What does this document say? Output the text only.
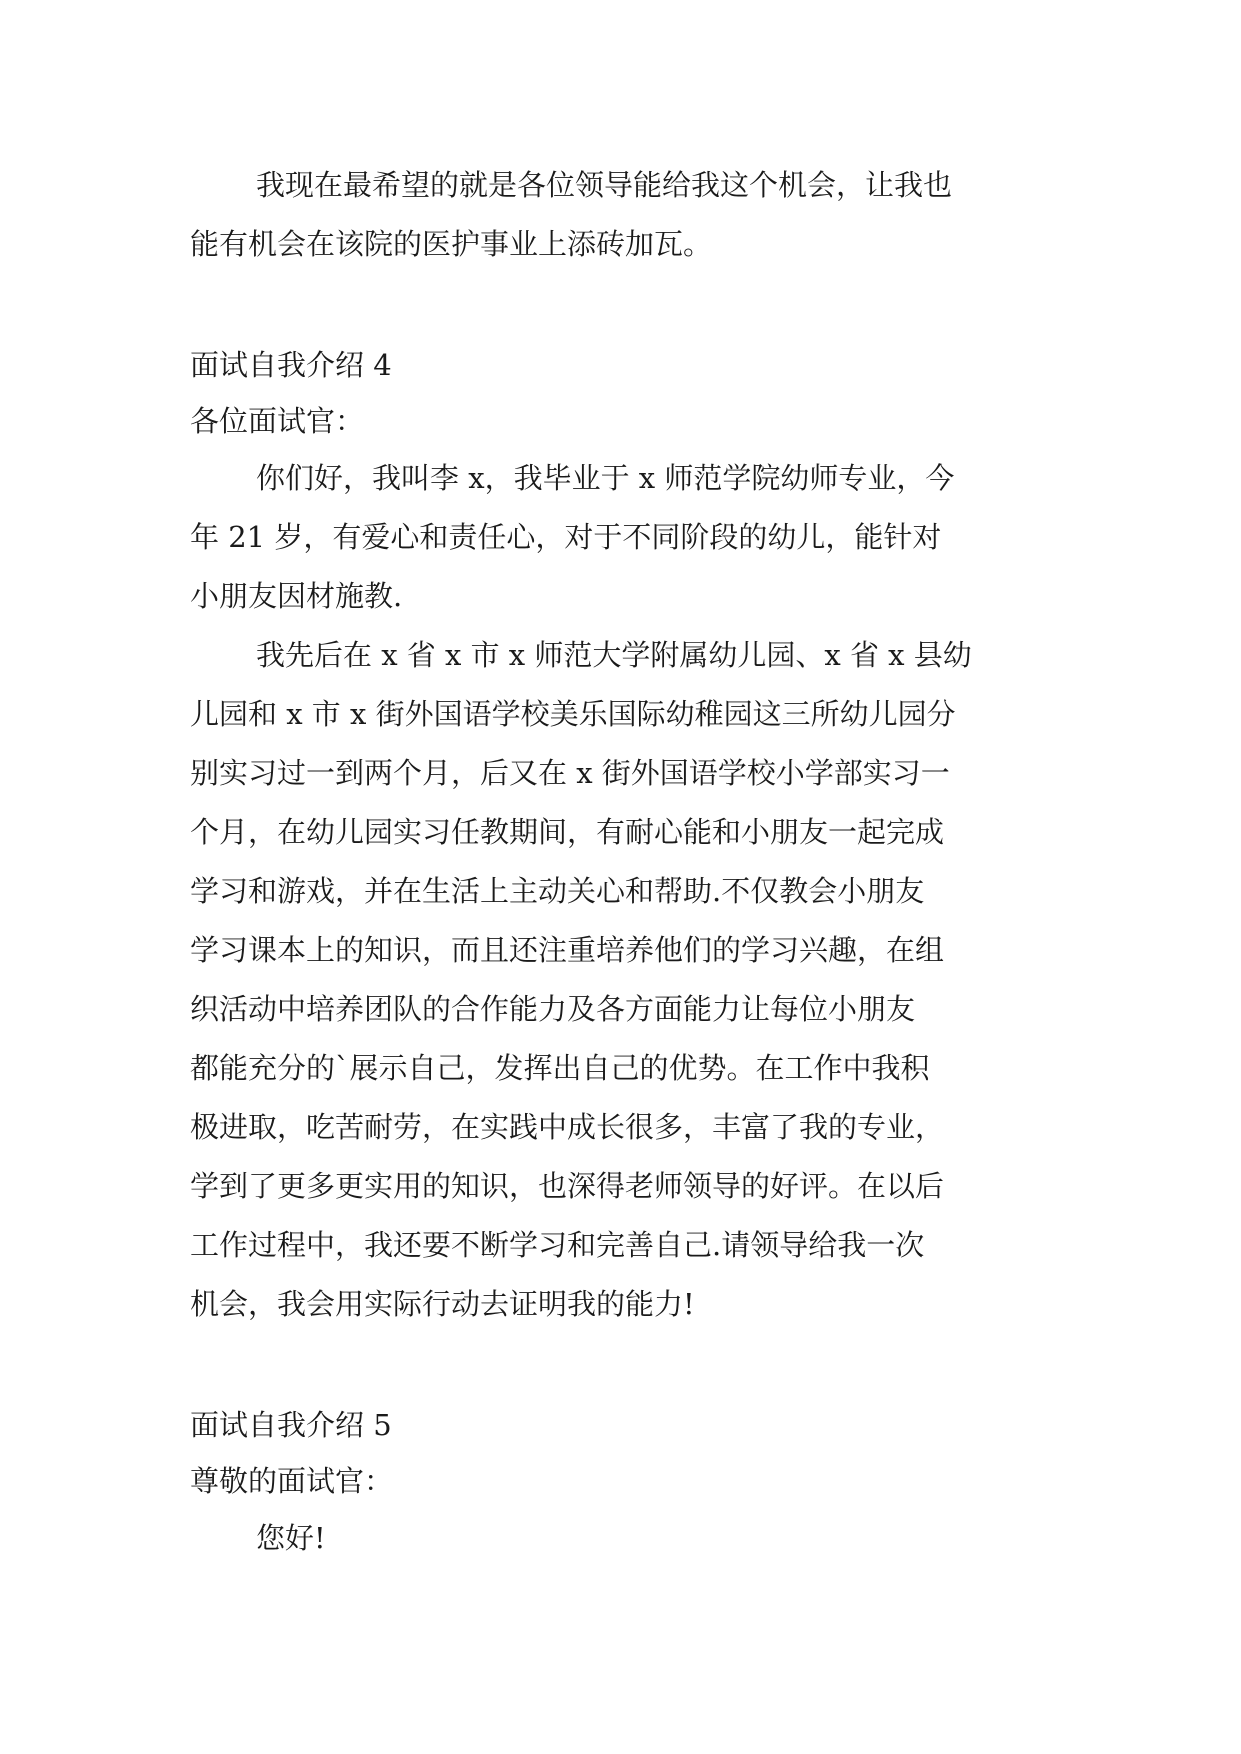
我现在最希望的就是各位领导能给我这个机会，让我也
能有机会在该院的医护事业上添砖加瓦。
面试自我介绍 4
各位面试官：
你们好，我叫李 x，我毕业于 x 师范学院幼师专业，今
年 21 岁，有爱心和责任心，对于不同阶段的幼儿，能针对
小朋友因材施教.
我先后在 x 省 x 市 x 师范大学附属幼儿园、x 省 x 县幼
儿园和 x 市 x 街外国语学校美乐国际幼稚园这三所幼儿园分
别实习过一到两个月，后又在 x 街外国语学校小学部实习一
个月，在幼儿园实习任教期间，有耐心能和小朋友一起完成
学习和游戏，并在生活上主动关心和帮助.不仅教会小朋友
学习课本上的知识，而且还注重培养他们的学习兴趣，在组
织活动中培养团队的合作能力及各方面能力让每位小朋友
都能充分的`展示自己，发挥出自己的优势。在工作中我积
极进取，吃苦耐劳，在实践中成长很多，丰富了我的专业，
学到了更多更实用的知识，也深得老师领导的好评。在以后
工作过程中，我还要不断学习和完善自己.请领导给我一次
机会，我会用实际行动去证明我的能力!
面试自我介绍 5
尊敬的面试官：
您好!
